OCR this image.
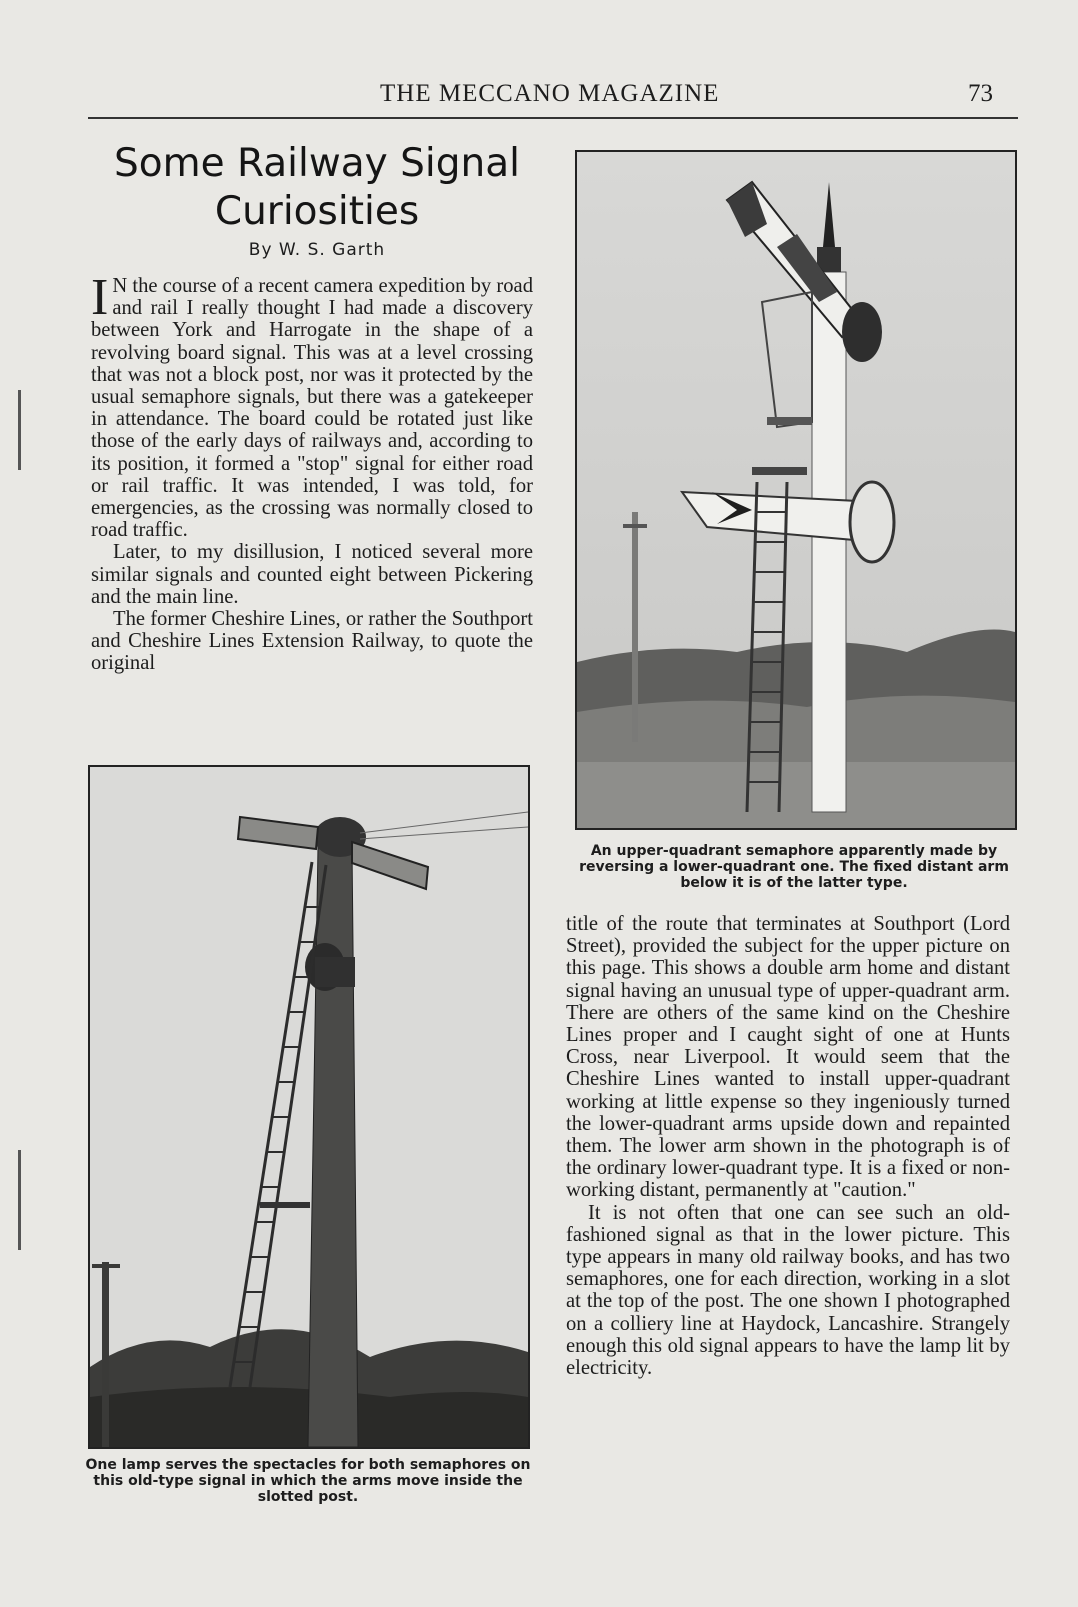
THE MECCANO MAGAZINE	73
Some Railway Signal
Curiosities
By W. S. Garth

I N the course of a recent camera expedition by road and rail I really thought I had made a discovery between York and Harrogate in the shape of a revolving board signal. This was at a level crossing that was not a block post, nor was it protected by the usual semaphore signals, but there was a gatekeeper in attendance. The board could be rotated just like those of the early days of railways and, according to its position, it formed a "stop" signal for either road or rail traffic. It was intended, I was told, for emergencies, as the crossing was normally closed to road traffic.

Later, to my disillusion, I noticed several more similar signals and counted eight between Pickering and the main line.

The former Cheshire Lines, or rather the Southport and Cheshire Lines Extension Railway, to quote the original

An upper-quadrant semaphore apparently made by reversing a lower-quadrant one. The fixed distant arm below it is of the latter type.
One lamp serves the spectacles for both semaphores on this old-type signal in which the arms move inside the slotted post.

title of the route that terminates at Southport (Lord Street), provided the subject for the upper picture on this page. This shows a double arm home and distant signal having an unusual type of upper-quadrant arm. There are others of the same kind on the Cheshire Lines proper and I caught sight of one at Hunts Cross, near Liverpool. It would seem that the Cheshire Lines wanted to install upper-quadrant working at little expense so they ingeniously turned the lower-quadrant arms upside down and repainted them. The lower arm shown in the photograph is of the ordinary lower-quadrant type. It is a fixed or non-working distant, permanently at "caution."

It is not often that one can see such an old-fashioned signal as that in the lower picture. This type appears in many old railway books, and has two semaphores, one for each direction, working in a slot at the top of the post. The one shown I photographed on a colliery line at Haydock, Lancashire. Strangely enough this old signal appears to have the lamp lit by electricity.
